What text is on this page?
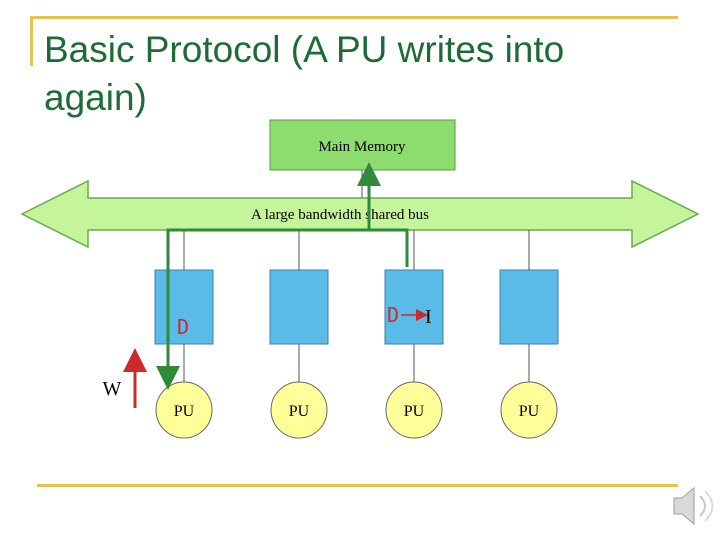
Basic Protocol (A PU writes into again)
Main Memory
A large bandwidth shared bus
PU	PU	PU	PU
D	D I
W
